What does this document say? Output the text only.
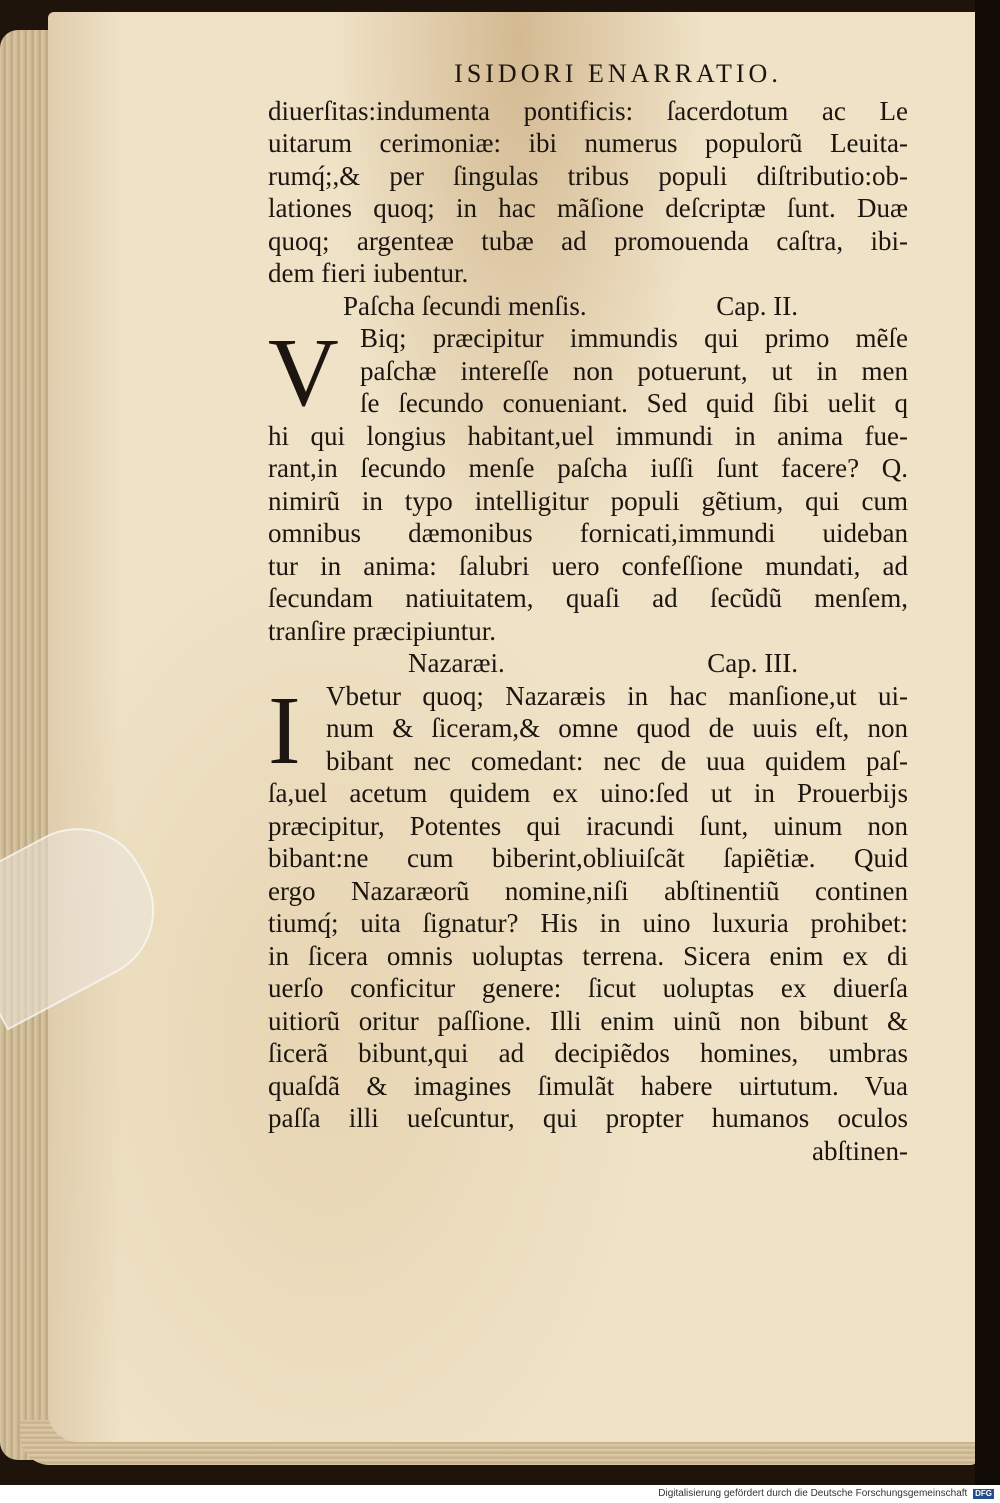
ISIDORI ENARRATIO.
diuerſitas:indumenta pontificis: ſacerdotum ac Le
uitarum cerimoniæ: ibi numerus populorũ Leuita-
rumq́;,& per ſingulas tribus populi diſtributio:ob-
lationes quoq; in hac mãſione deſcriptæ ſunt. Duæ
quoq; argenteæ tubæ ad promouenda caſtra, ibi-
dem fieri iubentur.
Paſcha ſecundi menſis.	Cap. II.
V Biq; præcipitur immundis qui primo mẽſe
paſchæ intereſſe non potuerunt, ut in men
ſe ſecundo conueniant. Sed quid ſibi uelit q
hi qui longius habitant,uel immundi in anima fue-
rant,in ſecundo menſe paſcha iuſſi ſunt facere? Q.
nimirũ in typo intelligitur populi gẽtium, qui cum
omnibus dæmonibus fornicati,immundi uideban
tur in anima: ſalubri uero confeſſione mundati, ad
ſecundam natiuitatem, quaſi ad ſecũdũ menſem,
tranſire præcipiuntur.
Nazaræi.	Cap. III.
I Vbetur quoq; Nazaræis in hac manſione,ut ui-
num & ſiceram,& omne quod de uuis eſt, non
bibant nec comedant: nec de uua quidem paſ-
ſa,uel acetum quidem ex uino:ſed ut in Prouerbijs
præcipitur, Potentes qui iracundi ſunt, uinum non
bibant:ne cum biberint,obliuiſcãt ſapiẽtiæ. Quid
ergo Nazaræorũ nomine,niſi abſtinentiũ continen
tiumq́; uita ſignatur? His in uino luxuria prohibet:
in ſicera omnis uoluptas terrena. Sicera enim ex di
uerſo conficitur genere: ſicut uoluptas ex diuerſa
uitiorũ oritur paſſione. Illi enim uinũ non bibunt &
ſicerã bibunt,qui ad decipiẽdos homines, umbras
quaſdã & imagines ſimulãt habere uirtutum. Vua
paſſa illi ueſcuntur, qui propter humanos oculos
abſtinen-
Digitalisierung gefördert durch die Deutsche Forschungsgemeinschaft DFG
